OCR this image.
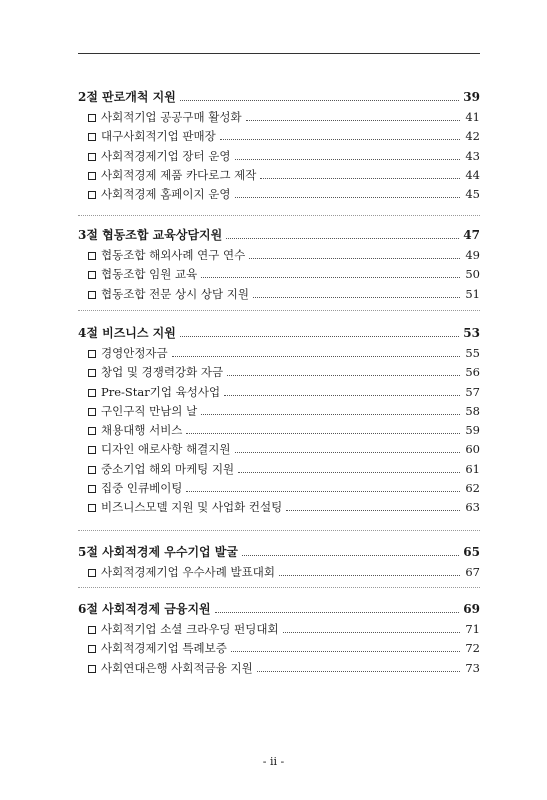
2절 판로개척 지원	39
사회적기업 공공구매 활성화	41
대구사회적기업 판매장	42
사회적경제기업 장터 운영	43
사회적경제 제품 카다로그 제작	44
사회적경제 홈페이지 운영	45
3절 협동조합 교육상담지원	47
협동조합 해외사례 연구 연수	49
협동조합 임원 교육	50
협동조합 전문 상시 상담 지원	51
4절 비즈니스 지원	53
경영안정자금	55
창업 및 경쟁력강화 자금	56
Pre-Star기업 육성사업	57
구인구직 만남의 날	58
채용대행 서비스	59
디자인 애로사항 해결지원	60
중소기업 해외 마케팅 지원	61
집중 인큐베이팅	62
비즈니스모델 지원 및 사업화 컨설팅	63
5절 사회적경제 우수기업 발굴	65
사회적경제기업 우수사례 발표대회	67
6절 사회적경제 금융지원	69
사회적기업 소셜 크라우딩 펀딩대회	71
사회적경제기업 특례보증	72
사회연대은행 사회적금융 지원	73
- ii -
